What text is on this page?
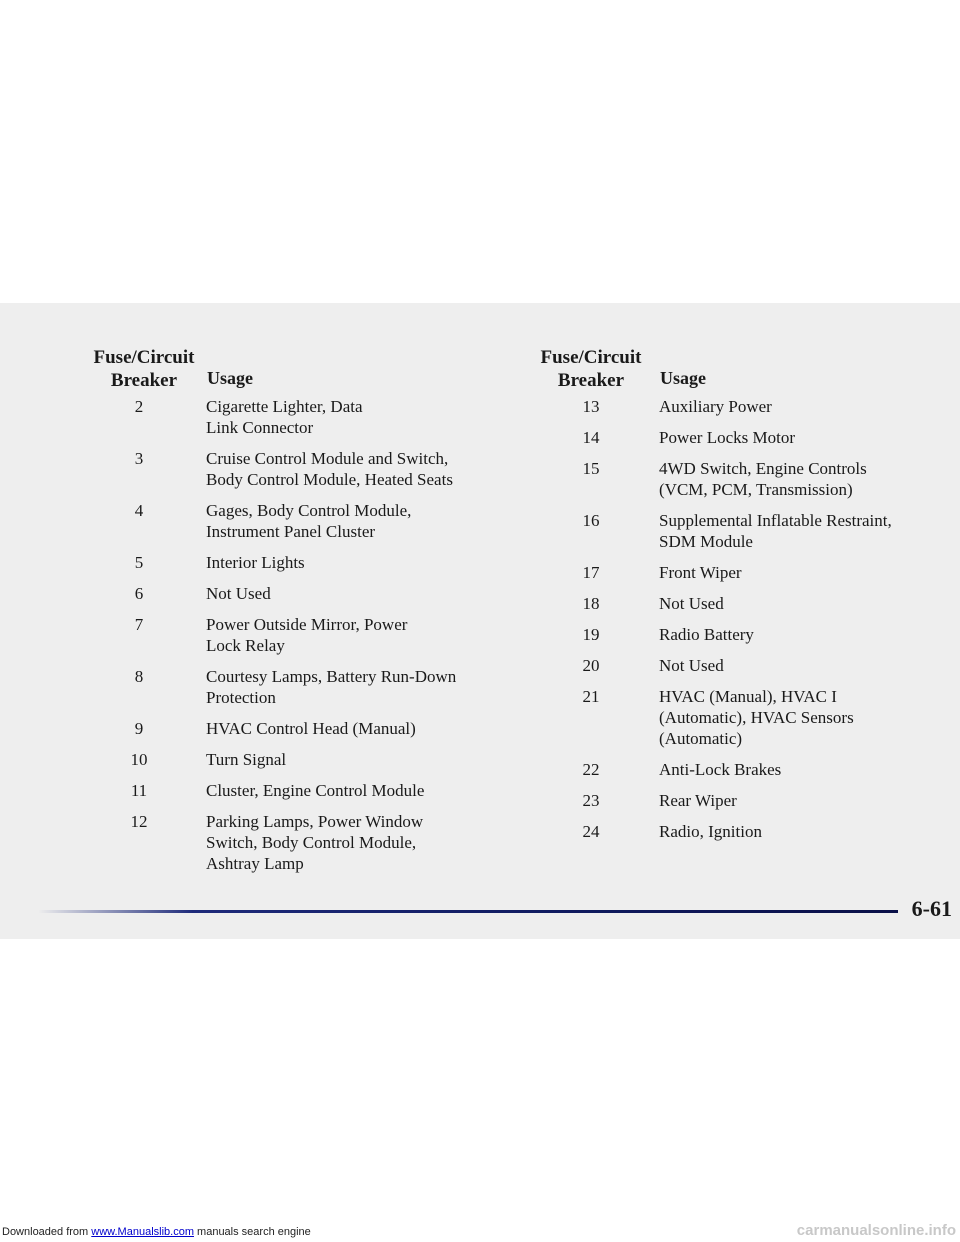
Fuse/Circuit
Breaker	Usage
2	Cigarette Lighter, Data
Link Connector
3	Cruise Control Module and Switch,
Body Control Module, Heated Seats
4	Gages, Body Control Module,
Instrument Panel Cluster
5	Interior Lights
6	Not Used
7	Power Outside Mirror, Power
Lock Relay
8	Courtesy Lamps, Battery Run-Down
Protection
9	HVAC Control Head (Manual)
10	Turn Signal
11	Cluster, Engine Control Module
12	Parking Lamps, Power Window
Switch, Body Control Module,
Ashtray Lamp
Fuse/Circuit
Breaker	Usage
13	Auxiliary Power
14	Power Locks Motor
15	4WD Switch, Engine Controls
(VCM, PCM, Transmission)
16	Supplemental Inflatable Restraint,
SDM Module
17	Front Wiper
18	Not Used
19	Radio Battery
20	Not Used
21	HVAC (Manual), HVAC I
(Automatic), HVAC Sensors
(Automatic)
22	Anti-Lock Brakes
23	Rear Wiper
24	Radio, Ignition
6-61
Downloaded from www.Manualslib.com manuals search engine	carmanualsonline.info
